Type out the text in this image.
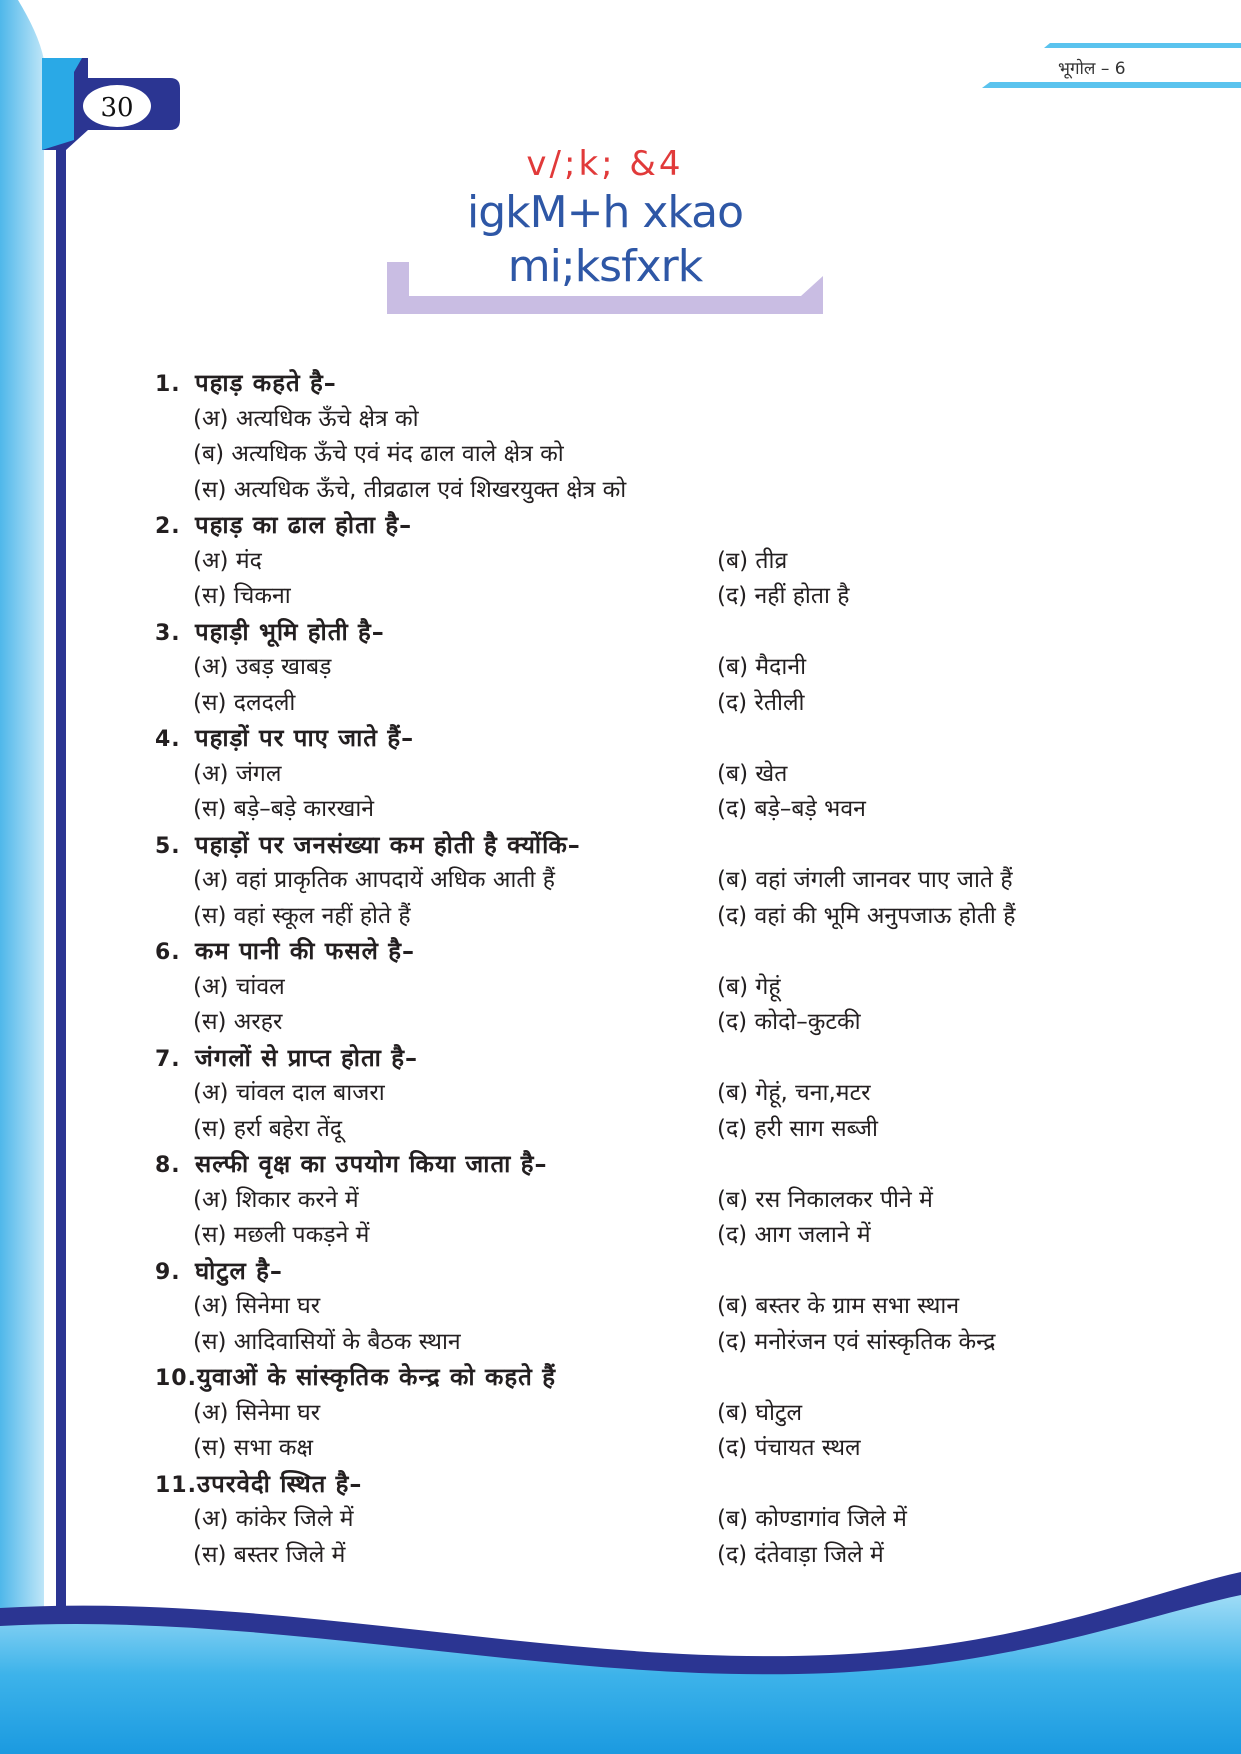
30
भूगोल – 6
v/;k; &4
igkM+h xkao
mi;ksfxrk
1. पहाड़ कहते है–
(अ) अत्यधिक ऊँचे क्षेत्र को
(ब) अत्यधिक ऊँचे एवं मंद ढाल वाले क्षेत्र को
(स) अत्यधिक ऊँचे, तीव्रढाल एवं शिखरयुक्त क्षेत्र को
2. पहाड़ का ढाल होता है–
(अ) मंद	(ब) तीव्र
(स) चिकना	(द) नहीं होता है
3. पहाड़ी भूमि होती है–
(अ) उबड़ खाबड़	(ब) मैदानी
(स) दलदली	(द) रेतीली
4. पहाड़ों पर पाए जाते हैं–
(अ) जंगल	(ब) खेत
(स) बड़े–बड़े कारखाने	(द) बड़े–बड़े भवन
5. पहाड़ों पर जनसंख्या कम होती है क्योंकि–
(अ) वहां प्राकृतिक आपदायें अधिक आती हैं	(ब) वहां जंगली जानवर पाए जाते हैं
(स) वहां स्कूल नहीं होते हैं	(द) वहां की भूमि अनुपजाऊ होती हैं
6. कम पानी की फसले है–
(अ) चांवल	(ब) गेहूं
(स) अरहर	(द) कोदो–कुटकी
7. जंगलों से प्राप्त होता है–
(अ) चांवल दाल बाजरा	(ब) गेहूं, चना,मटर
(स) हर्रा बहेरा तेंदू	(द) हरी साग सब्जी
8. सल्फी वृक्ष का उपयोग किया जाता है–
(अ) शिकार करने में	(ब) रस निकालकर पीने में
(स) मछली पकड़ने में	(द) आग जलाने में
9. घोटुल है–
(अ) सिनेमा घर	(ब) बस्तर के ग्राम सभा स्थान
(स) आदिवासियों के बैठक स्थान	(द) मनोरंजन एवं सांस्कृतिक केन्द्र
10.युवाओं के सांस्कृतिक केन्द्र को कहते हैं
(अ) सिनेमा घर	(ब) घोटुल
(स) सभा कक्ष	(द) पंचायत स्थल
11.उपरवेदी स्थित है–
(अ) कांकेर जिले में	(ब) कोण्डागांव जिले में
(स) बस्तर जिले में	(द) दंतेवाड़ा जिले में
